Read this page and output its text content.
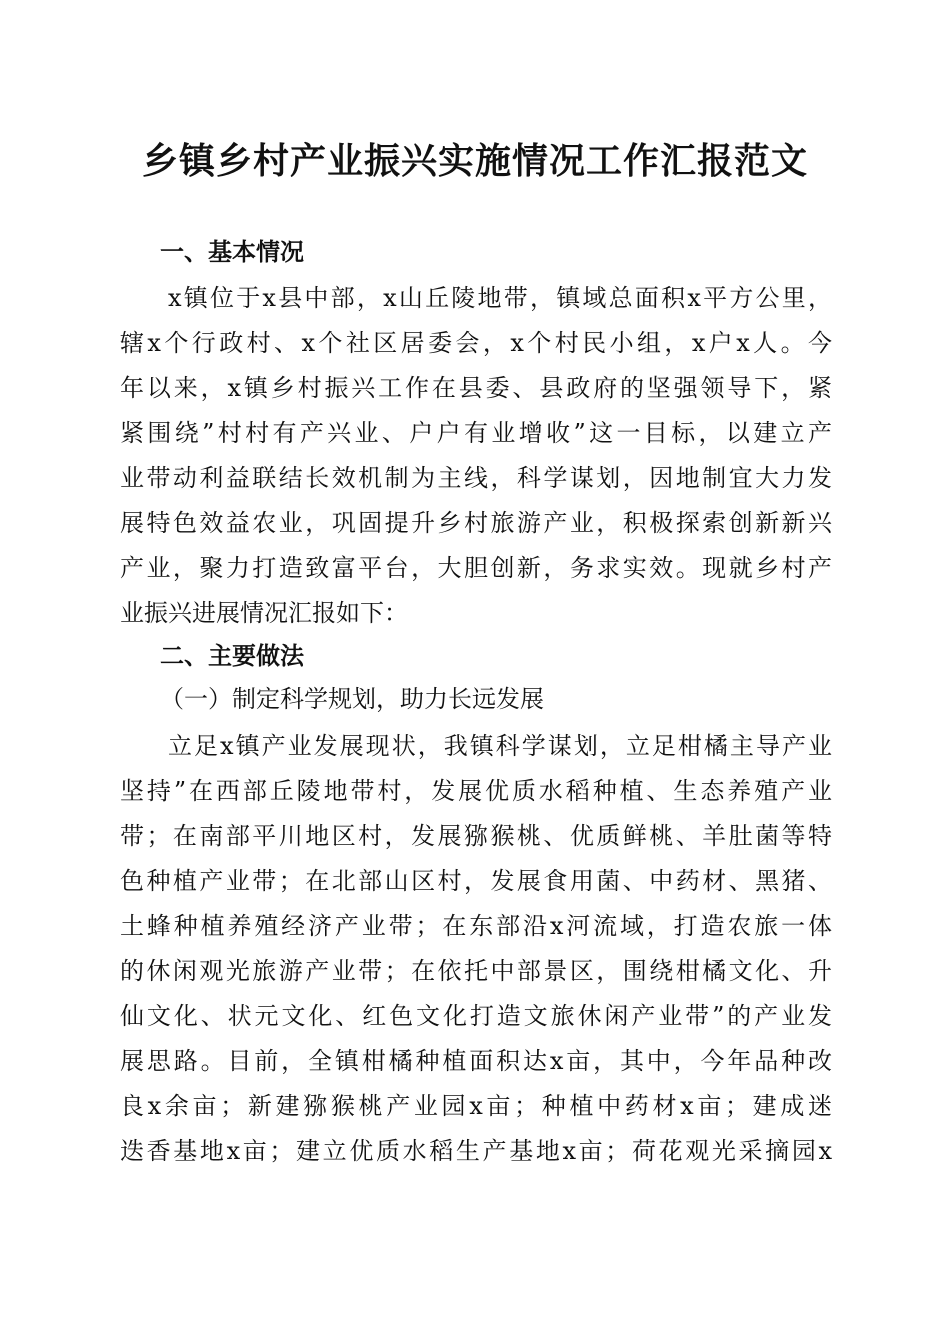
乡镇乡村产业振兴实施情况工作汇报范文
一、基本情况
x镇位于x县中部，x山丘陵地带，镇域总面积x平方公里，
辖x个行政村、x个社区居委会，x个村民小组，x户x人。今
年以来，x镇乡村振兴工作在县委、县政府的坚强领导下，紧
紧围绕”村村有产兴业、户户有业增收”这一目标，以建立产
业带动利益联结长效机制为主线，科学谋划，因地制宜大力发
展特色效益农业，巩固提升乡村旅游产业，积极探索创新新兴
产业，聚力打造致富平台，大胆创新，务求实效。现就乡村产
业振兴进展情况汇报如下：
二、主要做法
（一）制定科学规划，助力长远发展
立足x镇产业发展现状，我镇科学谋划，立足柑橘主导产业
坚持”在西部丘陵地带村，发展优质水稻种植、生态养殖产业
带；在南部平川地区村，发展猕猴桃、优质鲜桃、羊肚菌等特
色种植产业带；在北部山区村，发展食用菌、中药材、黑猪、
土蜂种植养殖经济产业带；在东部沿x河流域，打造农旅一体
的休闲观光旅游产业带；在依托中部景区，围绕柑橘文化、升
仙文化、状元文化、红色文化打造文旅休闲产业带”的产业发
展思路。目前，全镇柑橘种植面积达x亩，其中，今年品种改
良x余亩；新建猕猴桃产业园x亩；种植中药材x亩；建成迷
迭香基地x亩；建立优质水稻生产基地x亩；荷花观光采摘园x
